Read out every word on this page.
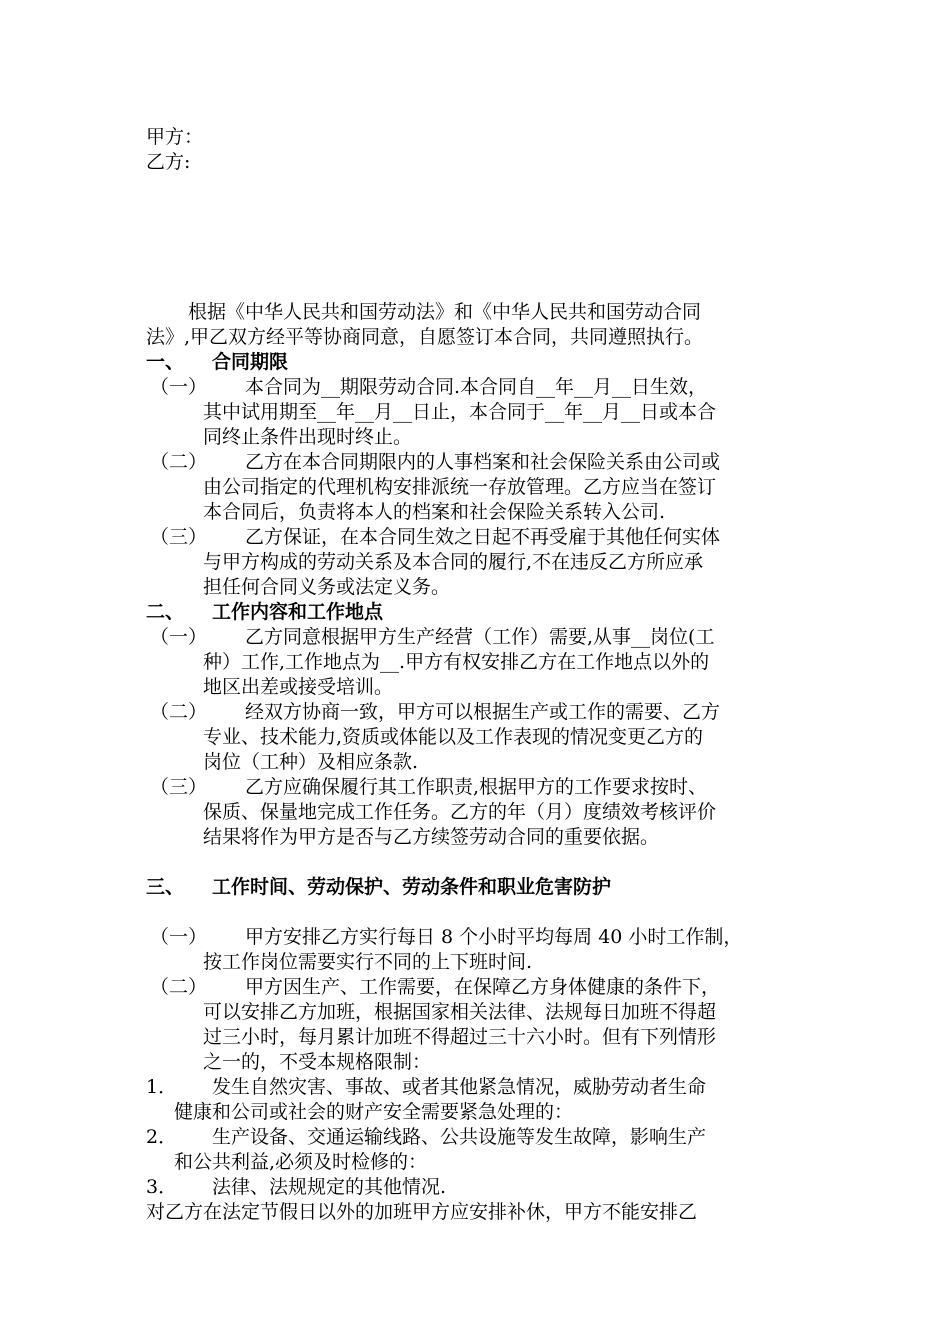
甲方：
乙方:
根据《中华人民共和国劳动法》和《中华人民共和国劳动合同
法》,甲乙双方经平等协商同意，自愿签订本合同，共同遵照执行。
一、 合同期限
（一） 本合同为__期限劳动合同.本合同自__年__月__日生效，
其中试用期至__年__月__日止，本合同于__年__月__日或本合
同终止条件出现时终止。
（二） 乙方在本合同期限内的人事档案和社会保险关系由公司或
由公司指定的代理机构安排派统一存放管理。乙方应当在签订
本合同后，负责将本人的档案和社会保险关系转入公司.
（三） 乙方保证，在本合同生效之日起不再受雇于其他任何实体
与甲方构成的劳动关系及本合同的履行,不在违反乙方所应承
担任何合同义务或法定义务。
二、 工作内容和工作地点
（一） 乙方同意根据甲方生产经营（工作）需要,从事__岗位(工
种）工作,工作地点为__.甲方有权安排乙方在工作地点以外的
地区出差或接受培训。
（二） 经双方协商一致，甲方可以根据生产或工作的需要、乙方
专业、技术能力,资质或体能以及工作表现的情况变更乙方的
岗位（工种）及相应条款.
（三） 乙方应确保履行其工作职责,根据甲方的工作要求按时、
保质、保量地完成工作任务。乙方的年（月）度绩效考核评价
结果将作为甲方是否与乙方续签劳动合同的重要依据。
三、 工作时间、劳动保护、劳动条件和职业危害防护
（一） 甲方安排乙方实行每日 8 个小时平均每周 40 小时工作制，
按工作岗位需要实行不同的上下班时间.
（二） 甲方因生产、工作需要，在保障乙方身体健康的条件下，
可以安排乙方加班，根据国家相关法律、法规每日加班不得超
过三小时，每月累计加班不得超过三十六小时。但有下列情形
之一的，不受本规格限制：
1． 发生自然灾害、事故、或者其他紧急情况，威胁劳动者生命
健康和公司或社会的财产安全需要紧急处理的：
2． 生产设备、交通运输线路、公共设施等发生故障，影响生产
和公共利益,必须及时检修的：
3． 法律、法规规定的其他情况.
对乙方在法定节假日以外的加班甲方应安排补休，甲方不能安排乙
